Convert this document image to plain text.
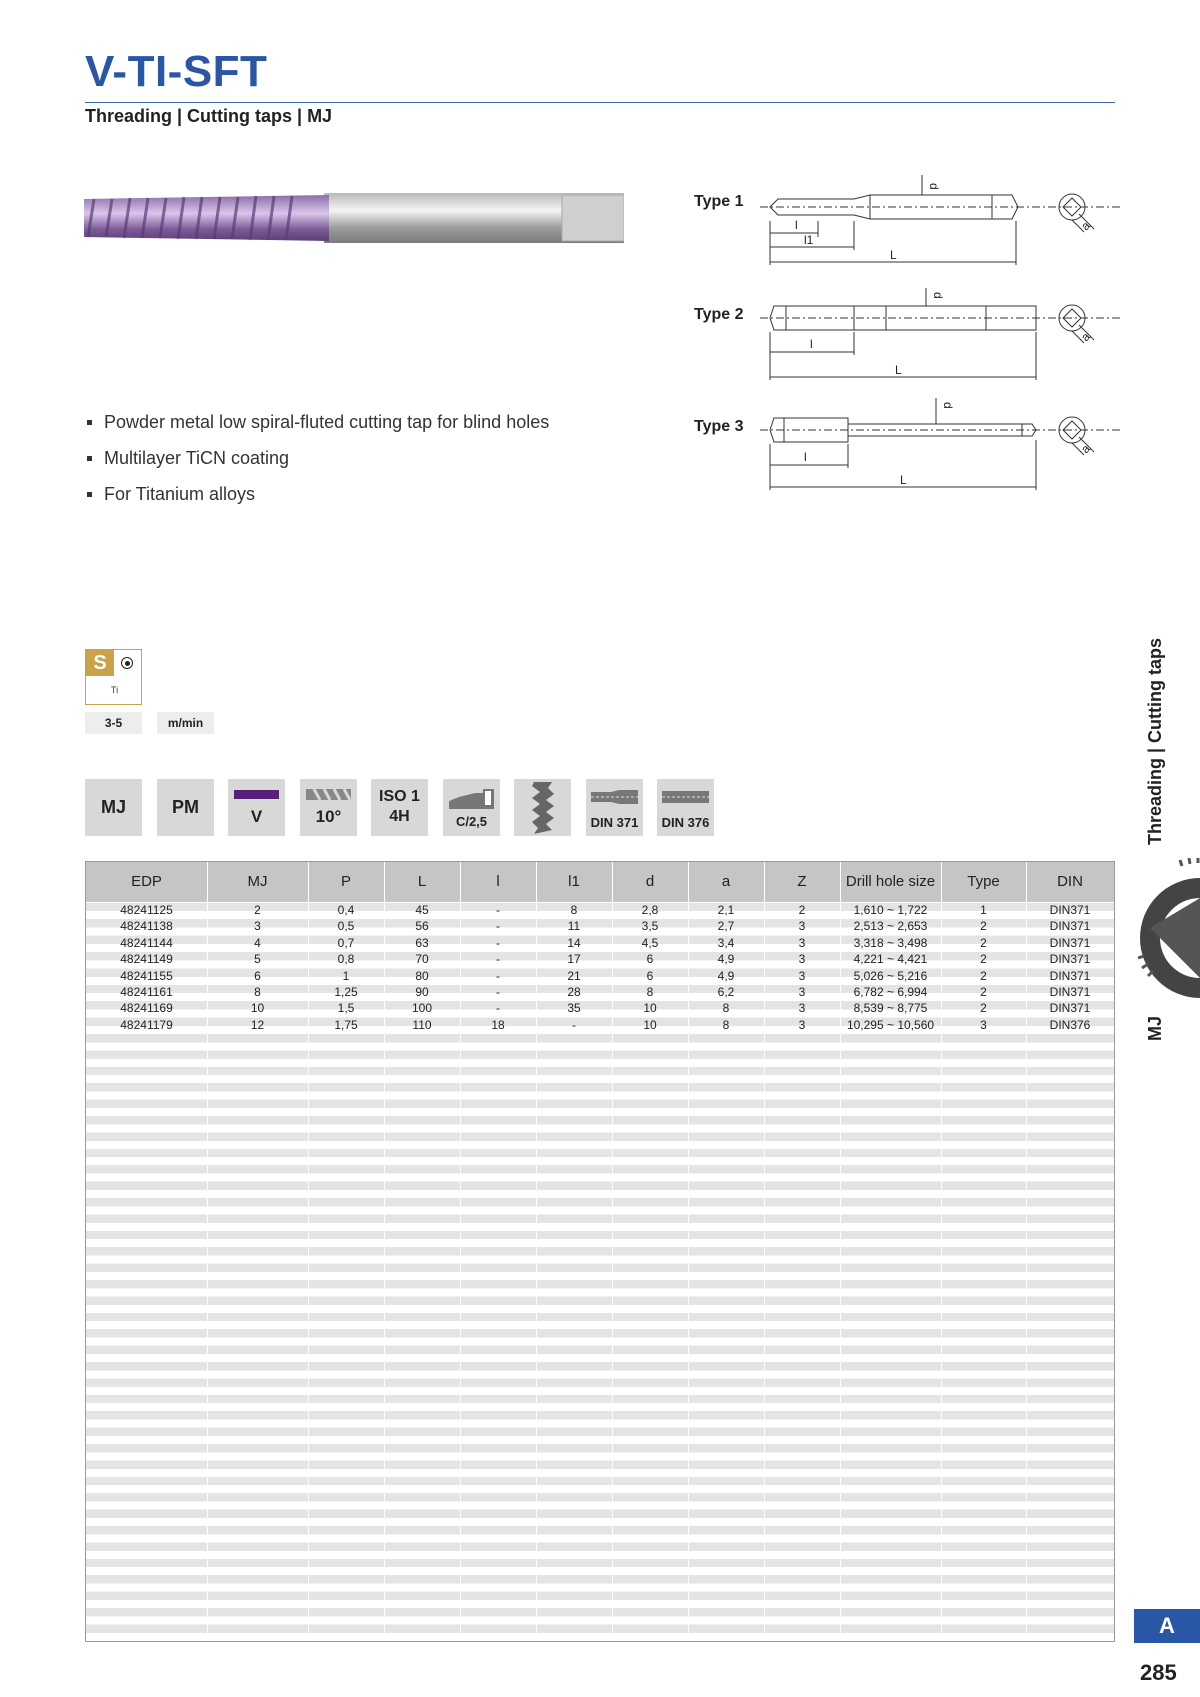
V-TI-SFT
Threading | Cutting taps | MJ
Powder metal low spiral-fluted cutting tap for blind holes
Multilayer TiCN coating
For Titanium alloys
Type 1
l
l1
L
d
a
Type 2
l
L
d
a
Type 3
l
L
d
a
S
Ti
3-5	m/min
MJ	PM	V	10°
ISO 1
4H	C/2,5	DIN 371	DIN 376
EDP	MJ	P	L	l	l1	d	a	Z	Drill hole size	Type	DIN
48241125	2	0,4	45	-	8	2,8	2,1	2	1,610 ~ 1,722	1	DIN371
48241138	3	0,5	56	-	11	3,5	2,7	3	2,513 ~ 2,653	2	DIN371
48241144	4	0,7	63	-	14	4,5	3,4	3	3,318 ~ 3,498	2	DIN371
48241149	5	0,8	70	-	17	6	4,9	3	4,221 ~ 4,421	2	DIN371
48241155	6	1	80	-	21	6	4,9	3	5,026 ~ 5,216	2	DIN371
48241161	8	1,25	90	-	28	8	6,2	3	6,782 ~ 6,994	2	DIN371
48241169	10	1,5	100	-	35	10	8	3	8,539 ~ 8,775	2	DIN371
48241179	12	1,75	110	18	-	10	8	3	10,295 ~ 10,560	3	DIN376
Threading | Cutting taps
MJ
A
285
